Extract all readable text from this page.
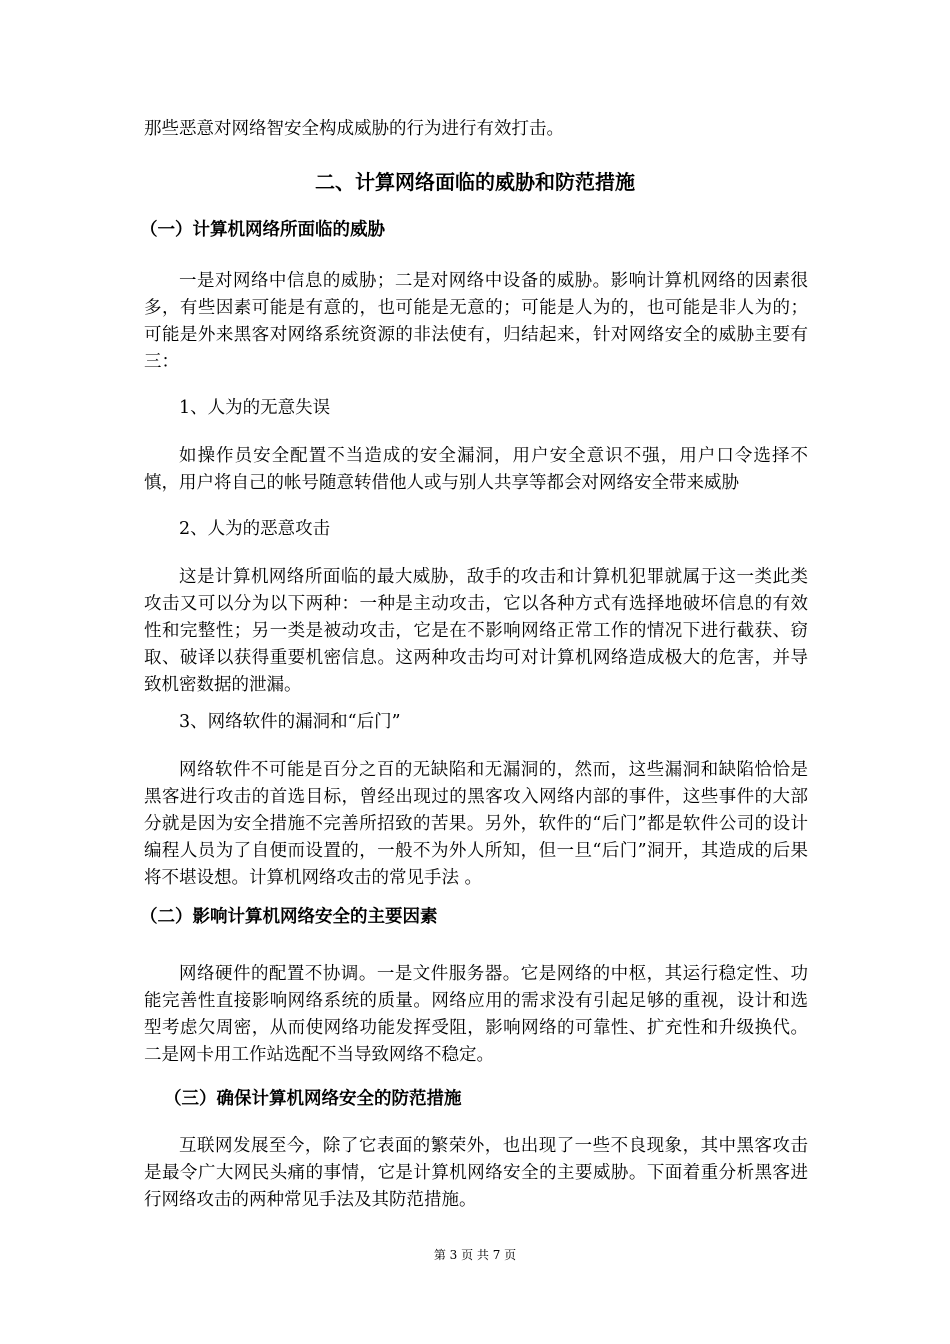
那些恶意对网络智安全构成威胁的行为进行有效打击。

二、计算网络面临的威胁和防范措施
（一）计算机网络所面临的威胁

一是对网络中信息的威胁；二是对网络中设备的威胁。影响计算机网络的因素很多，有些因素可能是有意的，也可能是无意的；可能是人为的，也可能是非人为的；可能是外来黑客对网络系统资源的非法使有，归结起来，针对网络安全的威胁主要有三：

1、人为的无意失误

如操作员安全配置不当造成的安全漏洞，用户安全意识不强，用户口令选择不慎，用户将自己的帐号随意转借他人或与别人共享等都会对网络安全带来威胁

2、人为的恶意攻击

这是计算机网络所面临的最大威胁，敌手的攻击和计算机犯罪就属于这一类此类攻击又可以分为以下两种：一种是主动攻击，它以各种方式有选择地破坏信息的有效性和完整性；另一类是被动攻击，它是在不影响网络正常工作的情况下进行截获、窃取、破译以获得重要机密信息。这两种攻击均可对计算机网络造成极大的危害，并导致机密数据的泄漏。

3、网络软件的漏洞和“后门”

网络软件不可能是百分之百的无缺陷和无漏洞的，然而，这些漏洞和缺陷恰恰是黑客进行攻击的首选目标，曾经出现过的黑客攻入网络内部的事件，这些事件的大部分就是因为安全措施不完善所招致的苦果。另外，软件的“后门”都是软件公司的设计编程人员为了自便而设置的，一般不为外人所知，但一旦“后门”洞开，其造成的后果将不堪设想。计算机网络攻击的常见手法 。

（二）影响计算机网络安全的主要因素

网络硬件的配置不协调。一是文件服务器。它是网络的中枢，其运行稳定性、功能完善性直接影响网络系统的质量。网络应用的需求没有引起足够的重视，设计和选型考虑欠周密，从而使网络功能发挥受阻，影响网络的可靠性、扩充性和升级换代。二是网卡用工作站选配不当导致网络不稳定。

（三）确保计算机网络安全的防范措施

互联网发展至今，除了它表面的繁荣外，也出现了一些不良现象，其中黑客攻击是最令广大网民头痛的事情，它是计算机网络安全的主要威胁。下面着重分析黑客进行网络攻击的两种常见手法及其防范措施。

第 3 页 共 7 页
